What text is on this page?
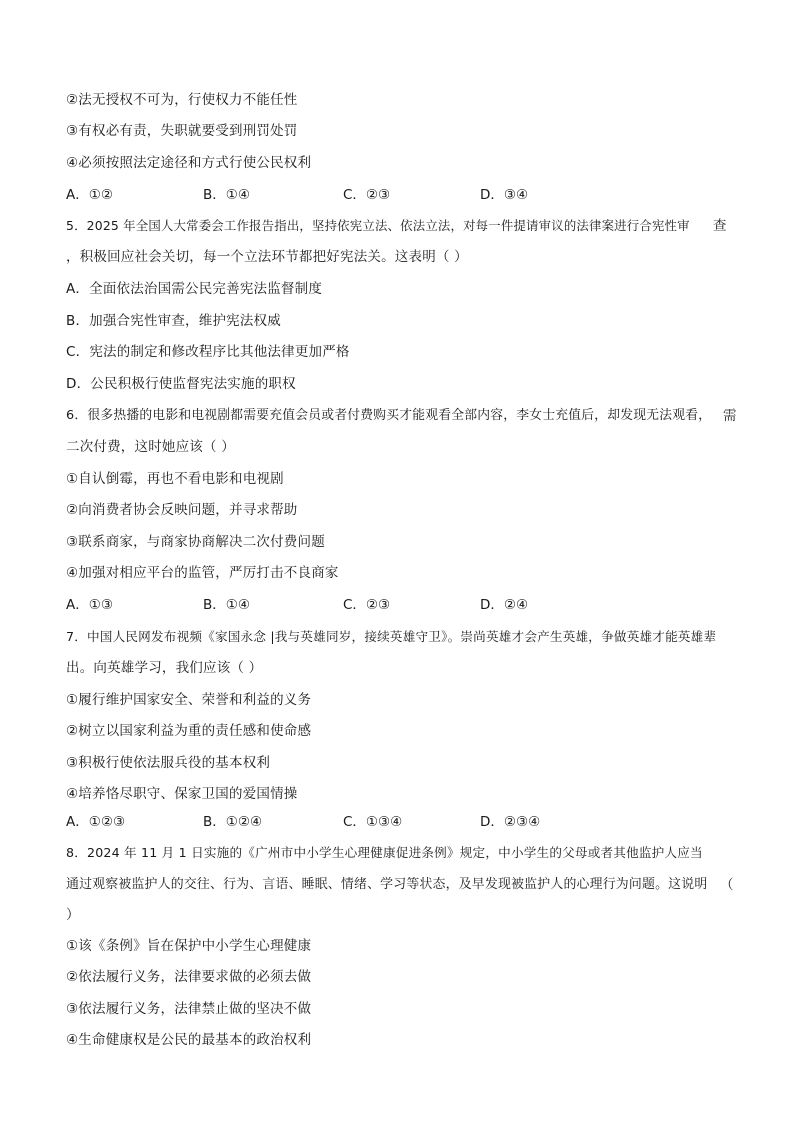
②法无授权不可为，行使权力不能任性
③有权必有责，失职就要受到刑罚处罚
④必须按照法定途径和方式行使公民权利
A．①②	B．①④	C．②③	D．③④
5．2025 年全国人大常委会工作报告指出，坚持依宪立法、依法立法，对每一件提请审议的法律案进行合宪性审 查
，积极回应社会关切，每一个立法环节都把好宪法关。这表明（ ）
A．全面依法治国需公民完善宪法监督制度
B．加强合宪性审查，维护宪法权威
C．宪法的制定和修改程序比其他法律更加严格
D．公民积极行使监督宪法实施的职权
6．很多热播的电影和电视剧都需要充值会员或者付费购买才能观看全部内容，李女士充值后，却发现无法观看， 需
二次付费，这时她应该（ ）
①自认倒霉，再也不看电影和电视剧
②向消费者协会反映问题，并寻求帮助
③联系商家，与商家协商解决二次付费问题
④加强对相应平台的监管，严厉打击不良商家
A．①③	B．①④	C．②③	D．②④
7．中国人民网发布视频《家国永念 |我与英雄同岁，接续英雄守卫》。崇尚英雄才会产生英雄，争做英雄才能英雄辈
出。向英雄学习，我们应该（ ）
①履行维护国家安全、荣誉和利益的义务
②树立以国家利益为重的责任感和使命感
③积极行使依法服兵役的基本权利
④培养恪尽职守、保家卫国的爱国情操
A．①②③	B．①②④	C．①③④	D．②③④
8．2024 年 11 月 1 日实施的《广州市中小学生心理健康促进条例》规定，中小学生的父母或者其他监护人应当
通过观察被监护人的交往、行为、言语、睡眠、情绪、学习等状态，及早发现被监护人的心理行为问题。这说明 （
）
①该《条例》旨在保护中小学生心理健康
②依法履行义务，法律要求做的必须去做
③依法履行义务，法律禁止做的坚决不做
④生命健康权是公民的最基本的政治权利
